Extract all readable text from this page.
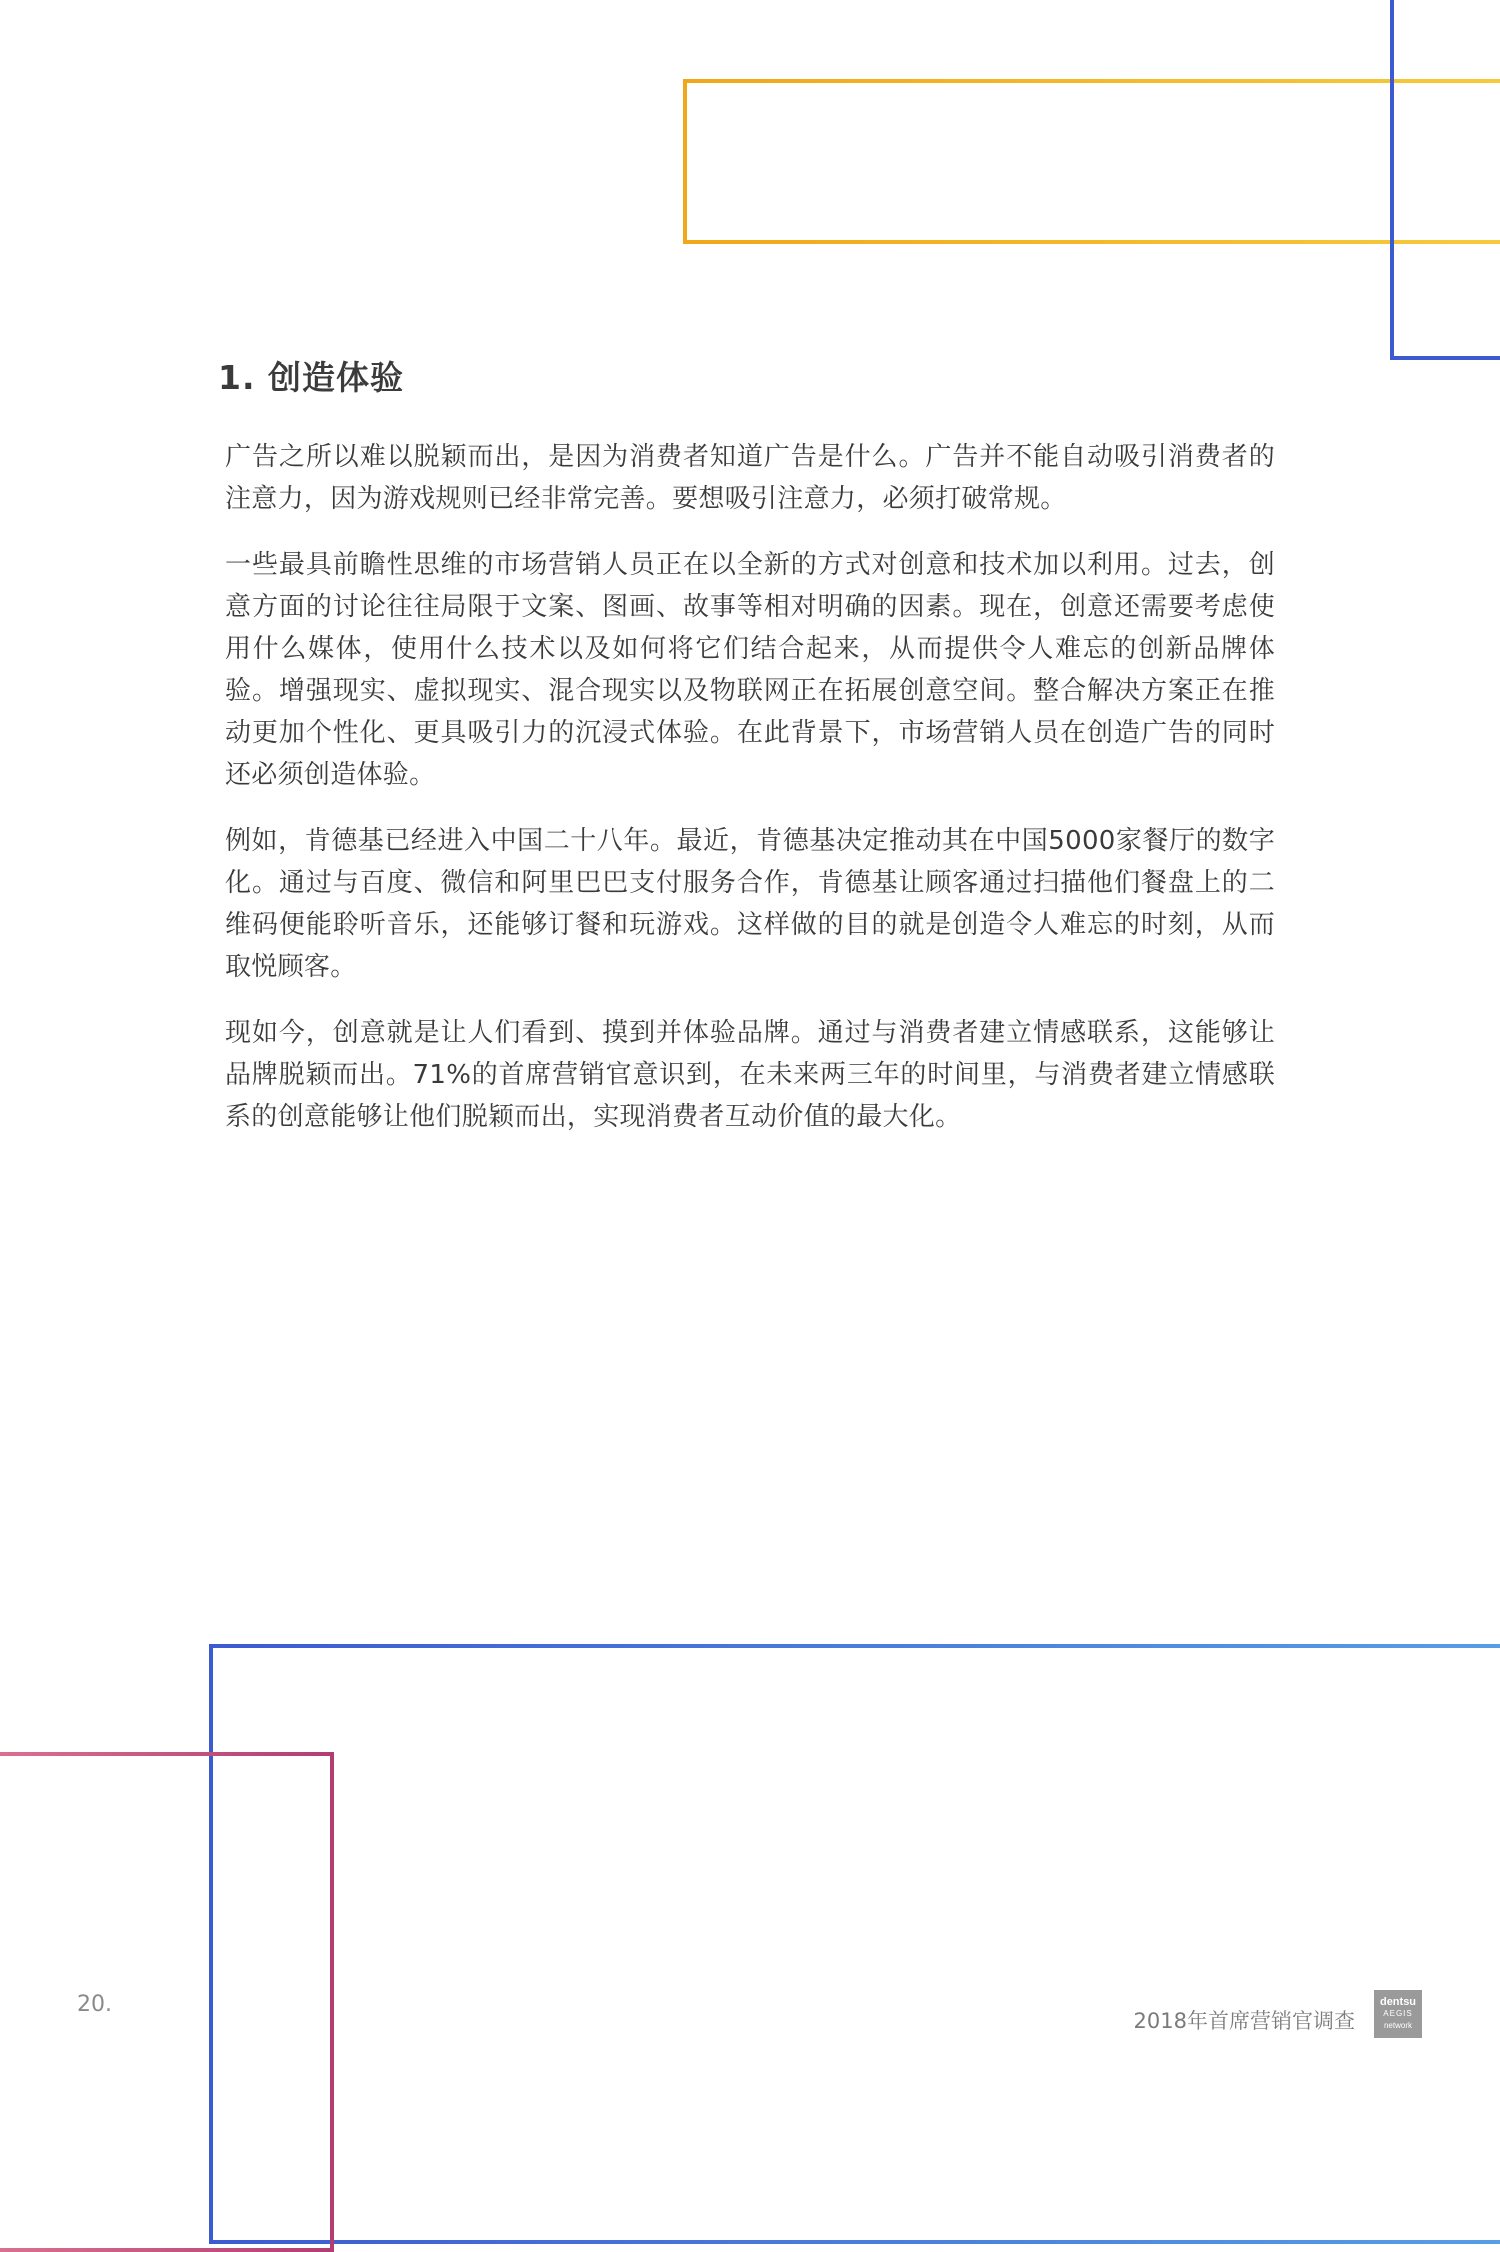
1. 创造体验

广告之所以难以脱颖而出，是因为消费者知道广告是什么。广告并不能自动吸引消费者的注意力，因为游戏规则已经非常完善。要想吸引注意力，必须打破常规。

一些最具前瞻性思维的市场营销人员正在以全新的方式对创意和技术加以利用。过去，创意方面的讨论往往局限于文案、图画、故事等相对明确的因素。现在，创意还需要考虑使用什么媒体，使用什么技术以及如何将它们结合起来，从而提供令人难忘的创新品牌体验。增强现实、虚拟现实、混合现实以及物联网正在拓展创意空间。整合解决方案正在推动更加个性化、更具吸引力的沉浸式体验。在此背景下，市场营销人员在创造广告的同时还必须创造体验。

例如，肯德基已经进入中国二十八年。最近，肯德基决定推动其在中国5000家餐厅的数字化。通过与百度、微信和阿里巴巴支付服务合作，肯德基让顾客通过扫描他们餐盘上的二维码便能聆听音乐，还能够订餐和玩游戏。这样做的目的就是创造令人难忘的时刻，从而取悦顾客。

现如今，创意就是让人们看到、摸到并体验品牌。通过与消费者建立情感联系，这能够让品牌脱颖而出。71%的首席营销官意识到，在未来两三年的时间里，与消费者建立情感联系的创意能够让他们脱颖而出，实现消费者互动价值的最大化。

20.
2018年首席营销官调查
dentsu
AEGIS
network
